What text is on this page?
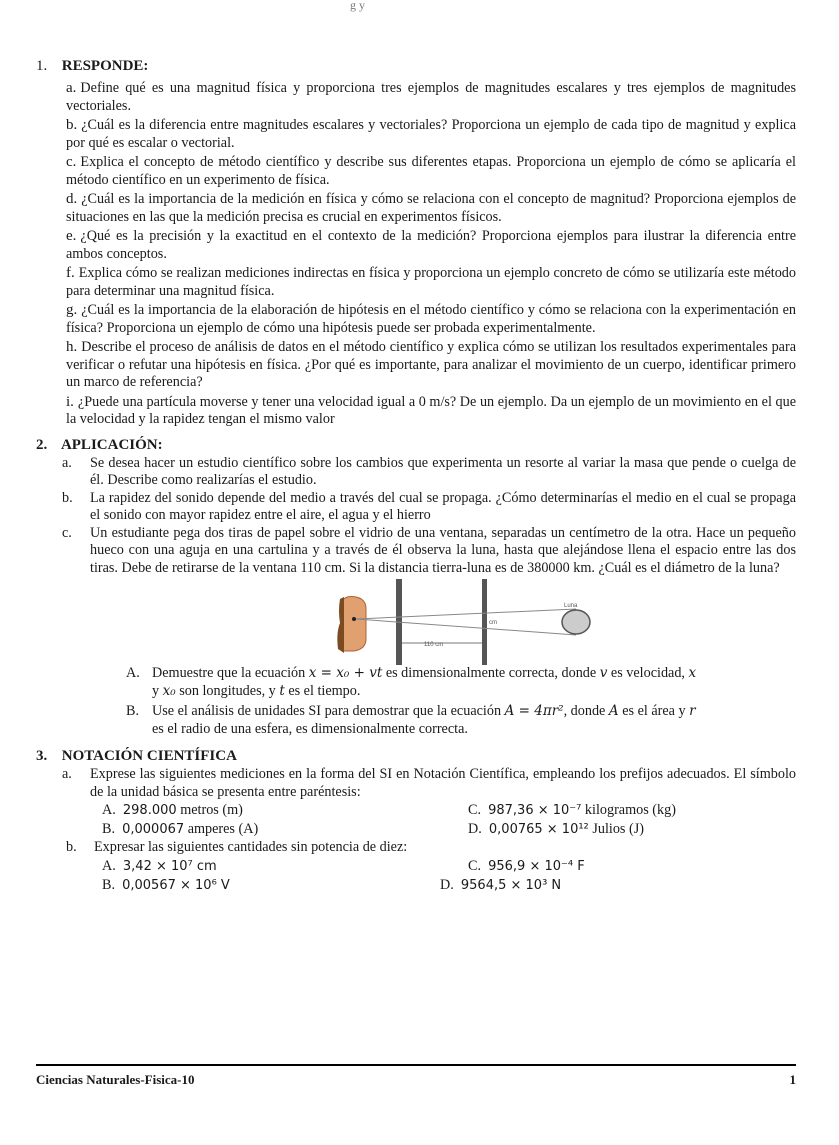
g y
1. RESPONDE:

a. Define qué es una magnitud física y proporciona tres ejemplos de magnitudes escalares y tres ejemplos de magnitudes vectoriales.

b. ¿Cuál es la diferencia entre magnitudes escalares y vectoriales? Proporciona un ejemplo de cada tipo de magnitud y explica por qué es escalar o vectorial.

c. Explica el concepto de método científico y describe sus diferentes etapas. Proporciona un ejemplo de cómo se aplicaría el método científico en un experimento de física.

d. ¿Cuál es la importancia de la medición en física y cómo se relaciona con el concepto de magnitud? Proporciona ejemplos de situaciones en las que la medición precisa es crucial en experimentos físicos.

e. ¿Qué es la precisión y la exactitud en el contexto de la medición? Proporciona ejemplos para ilustrar la diferencia entre ambos conceptos.

f. Explica cómo se realizan mediciones indirectas en física y proporciona un ejemplo concreto de cómo se utilizaría este método para determinar una magnitud física.

g. ¿Cuál es la importancia de la elaboración de hipótesis en el método científico y cómo se relaciona con la experimentación en física? Proporciona un ejemplo de cómo una hipótesis puede ser probada experimentalmente.

h. Describe el proceso de análisis de datos en el método científico y explica cómo se utilizan los resultados experimentales para verificar o refutar una hipótesis en física. ¿Por qué es importante, para analizar el movimiento de un cuerpo, identificar primero un marco de referencia?

i. ¿Puede una partícula moverse y tener una velocidad igual a 0 m/s? De un ejemplo. Da un ejemplo de un movimiento en el que la velocidad y la rapidez tengan el mismo valor

2. APLICACIÓN:

a. Se desea hacer un estudio científico sobre los cambios que experimenta un resorte al variar la masa que pende o cuelga de él. Describe como realizarías el estudio.

b. La rapidez del sonido depende del medio a través del cual se propaga. ¿Cómo determinarías el medio en el cual se propaga el sonido con mayor rapidez entre el aire, el agua y el hierro

c. Un estudiante pega dos tiras de papel sobre el vidrio de una ventana, separadas un centímetro de la otra. Hace un pequeño hueco con una aguja en una cartulina y a través de él observa la luna, hasta que alejándose llena el espacio entre las dos tiras. Debe de retirarse de la ventana 110 cm. Si la distancia tierra-luna es de 380000 km. ¿Cuál es el diámetro de la luna?

Luna
1 cm
110 cm

A. Demuestre que la ecuación x = x₀ + vt es dimensionalmente correcta, donde v es velocidad, x
y x₀ son longitudes, y t es el tiempo.

B. Use el análisis de unidades SI para demostrar que la ecuación A = 4πr², donde A es el área y r
es el radio de una esfera, es dimensionalmente correcta.

3. NOTACIÓN CIENTÍFICA

a. Exprese las siguientes mediciones en la forma del SI en Notación Científica, empleando los prefijos adecuados. El símbolo de la unidad básica se presenta entre paréntesis:

A. 298.000 metros (m)	C. 987,36 × 10⁻⁷ kilogramos (kg)
B. 0,000067 amperes (A)	D. 0,00765 × 10¹² Julios (J)

b. Expresar las siguientes cantidades sin potencia de diez:

A. 3,42 × 10⁷ cm	C. 956,9 × 10⁻⁴ F
B. 0,00567 × 10⁶ V	D. 9564,5 × 10³ N
Ciencias Naturales-Fisica-10	1
